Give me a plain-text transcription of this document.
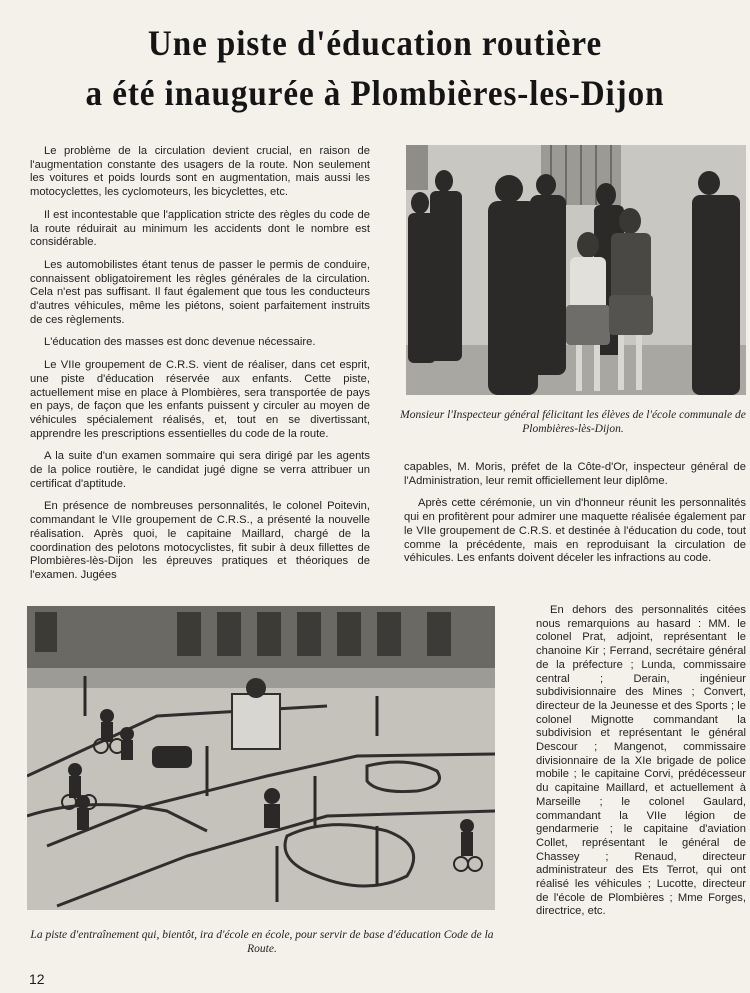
Une piste d'éducation routière
a été inaugurée à Plombières-les-Dijon

Le problème de la circulation devient crucial, en raison de l'augmentation constante des usagers de la route. Non seulement les voitures et poids lourds sont en augmentation, mais aussi les motocyclettes, les cyclomoteurs, les bicyclettes, etc.

Il est incontestable que l'application stricte des règles du code de la route réduirait au minimum les accidents dont le nombre est considérable.

Les automobilistes étant tenus de passer le permis de conduire, connaissent obligatoirement les règles générales de la circulation. Cela n'est pas suffisant. Il faut également que tous les conducteurs d'autres véhicules, même les piétons, soient parfaitement instruits de ces règlements.

L'éducation des masses est donc devenue nécessaire.

Le VIIe groupement de C.R.S. vient de réaliser, dans cet esprit, une piste d'éducation réservée aux enfants. Cette piste, actuellement mise en place à Plombières, sera transportée de pays en pays, de façon que les enfants puissent y circuler au moyen de véhicules spécialement réalisés, et, tout en se divertissant, apprendre les prescriptions essentielles du code de la route.

A la suite d'un examen sommaire qui sera dirigé par les agents de la police routière, le candidat jugé digne se verra attribuer un certificat d'aptitude.

En présence de nombreuses personnalités, le colonel Poitevin, commandant le VIIe groupement de C.R.S., a présenté la nouvelle réalisation. Après quoi, le capitaine Maillard, chargé de la coordination des pelotons motocyclistes, fit subir à deux fillettes de Plombières-lès-Dijon les épreuves pratiques et théoriques de l'examen. Jugées

Monsieur l'Inspecteur général félicitant les élèves de l'école communale de Plombières-lès-Dijon.

capables, M. Moris, préfet de la Côte-d'Or, inspecteur général de l'Administration, leur remit officiellement leur diplôme.

Après cette cérémonie, un vin d'honneur réunit les personnalités qui en profitèrent pour admirer une maquette réalisée également par le VIIe groupement de C.R.S. et destinée à l'éducation du code, tout comme la précédente, mais en reproduisant la circulation de véhicules. Les enfants doivent déceler les infractions au code.

La piste d'entraînement qui, bientôt, ira d'école en école, pour servir de base d'éducation Code de la Route.

En dehors des personnalités citées nous remarquions au hasard : MM. le colonel Prat, adjoint, représentant le chanoine Kir ; Ferrand, secrétaire général de la préfecture ; Lunda, commissaire central ; Derain, ingénieur subdivisionnaire des Mines ; Convert, directeur de la Jeunesse et des Sports ; le colonel Mignotte commandant la subdivision et représentant le général Descour ; Mangenot, commissaire divisionnaire de la XIe brigade de police mobile ; le capitaine Corvi, prédécesseur du capitaine Maillard, et actuellement à Marseille ; le colonel Gaulard, commandant la VIIe légion de gendarmerie ; le capitaine d'aviation Collet, représentant le général de Chassey ; Renaud, directeur administrateur des Ets Terrot, qui ont réalisé les véhicules ; Lucotte, directeur de l'école de Plombières ; Mme Forges, directrice, etc.

12
